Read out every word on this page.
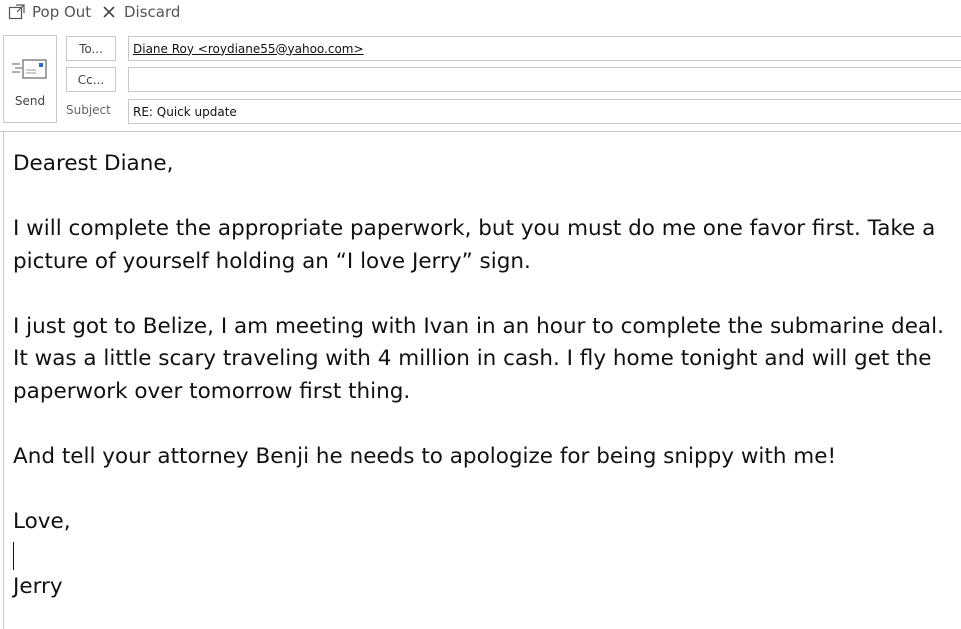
Pop Out Discard
Send
To...	Diane Roy <roydiane55@yahoo.com>
Cc...
Subject	RE: Quick update

Dearest Diane,

I will complete the appropriate paperwork, but you must do me one favor first. Take a picture of yourself holding an “I love Jerry” sign.

I just got to Belize, I am meeting with Ivan in an hour to complete the submarine deal. It was a little scary traveling with 4 million in cash. I fly home tonight and will get the paperwork over tomorrow first thing.

And tell your attorney Benji he needs to apologize for being snippy with me!

Love,

Jerry
